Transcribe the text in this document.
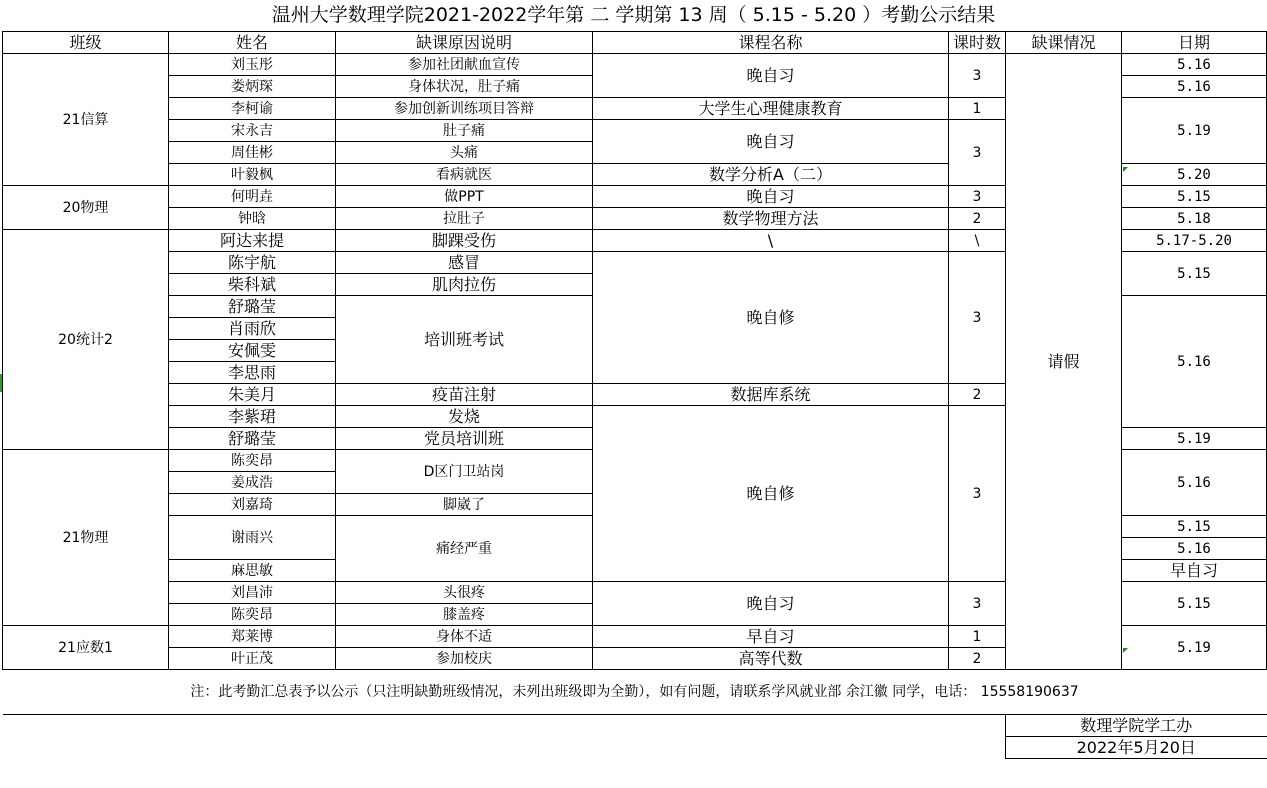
温州大学数理学院2021-2022学年第 二 学期第 13 周（ 5.15 - 5.20 ）考勤公示结果
班级	姓名	缺课原因说明	课程名称	课时数	缺课情况	日期	
21信算	刘玉彤	参加社团献血宣传	晚自习	3	请假	5.16	
	娄炳琛	身体状况，肚子痛				5.16	
	李柯谕	参加创新训练项目答辩	大学生心理健康教育	1		5.19	
	宋永吉	肚子痛	晚自习	3			
	周佳彬	头痛					
	叶毅枫	看病就医	数学分析A（二）			5.20	
20物理	何明垚	做PPT	晚自习	3		5.15	
	钟晗	拉肚子	数学物理方法	2		5.18	
20统计2	阿达来提	脚踝受伤	\	\		5.17-5.20	
	陈宇航	感冒	晚自修	3		5.15	
	柴科斌	肌肉拉伤					
	舒璐莹	培训班考试				5.16	
	肖雨欣						
	安佩雯						
	李思雨						
	朱美月	疫苗注射	数据库系统	2			
	李紫珺	发烧	晚自修	3			
	舒璐莹	党员培训班				5.19	
21物理	陈奕昂	D区门卫站岗				5.16	
	姜成浩						
	刘嘉琦	脚崴了					
	谢雨兴	痛经严重				5.15	
						5.16	
	麻思敏					早自习		
	刘昌沛	头很疼	晚自习	3		5.15	
	陈奕昂	膝盖疼					
21应数1	郑莱博	身体不适	早自习	1		5.19	
	叶正茂	参加校庆	高等代数	2			
注：此考勤汇总表予以公示（只注明缺勤班级情况，未列出班级即为全勤），如有问题，请联系学风就业部 余江徽 同学，电话： 15558190637							
					数理学院学工办		
					2022年5月20日		
